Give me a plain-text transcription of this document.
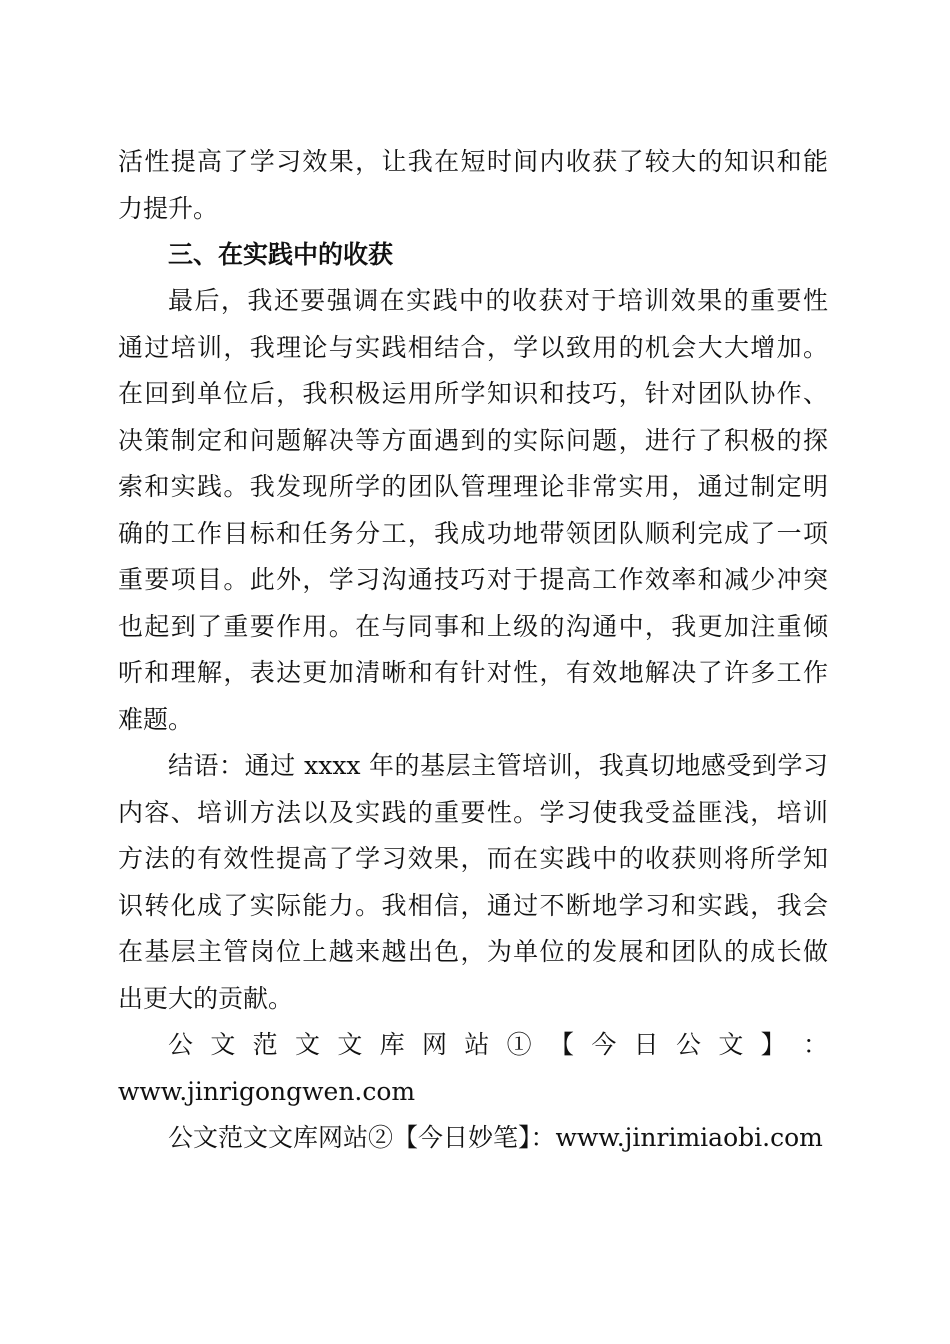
活性提高了学习效果，让我在短时间内收获了较大的知识和能
力提升。
三、在实践中的收获
最后，我还要强调在实践中的收获对于培训效果的重要性
通过培训，我理论与实践相结合，学以致用的机会大大增加。
在回到单位后，我积极运用所学知识和技巧，针对团队协作、
决策制定和问题解决等方面遇到的实际问题，进行了积极的探
索和实践。我发现所学的团队管理理论非常实用，通过制定明
确的工作目标和任务分工，我成功地带领团队顺利完成了一项
重要项目。此外，学习沟通技巧对于提高工作效率和减少冲突
也起到了重要作用。在与同事和上级的沟通中，我更加注重倾
听和理解，表达更加清晰和有针对性，有效地解决了许多工作
难题。
结语：通过 xxxx 年的基层主管培训，我真切地感受到学习
内容、培训方法以及实践的重要性。学习使我受益匪浅，培训
方法的有效性提高了学习效果，而在实践中的收获则将所学知
识转化成了实际能力。我相信，通过不断地学习和实践，我会
在基层主管岗位上越来越出色，为单位的发展和团队的成长做
出更大的贡献。
公 文 范 文 文 库 网 站 ① 【 今 日 公 文 】 ：
www.jinrigongwen.com
公文范文文库网站②【今日妙笔】：www.jinrimiaobi.com
